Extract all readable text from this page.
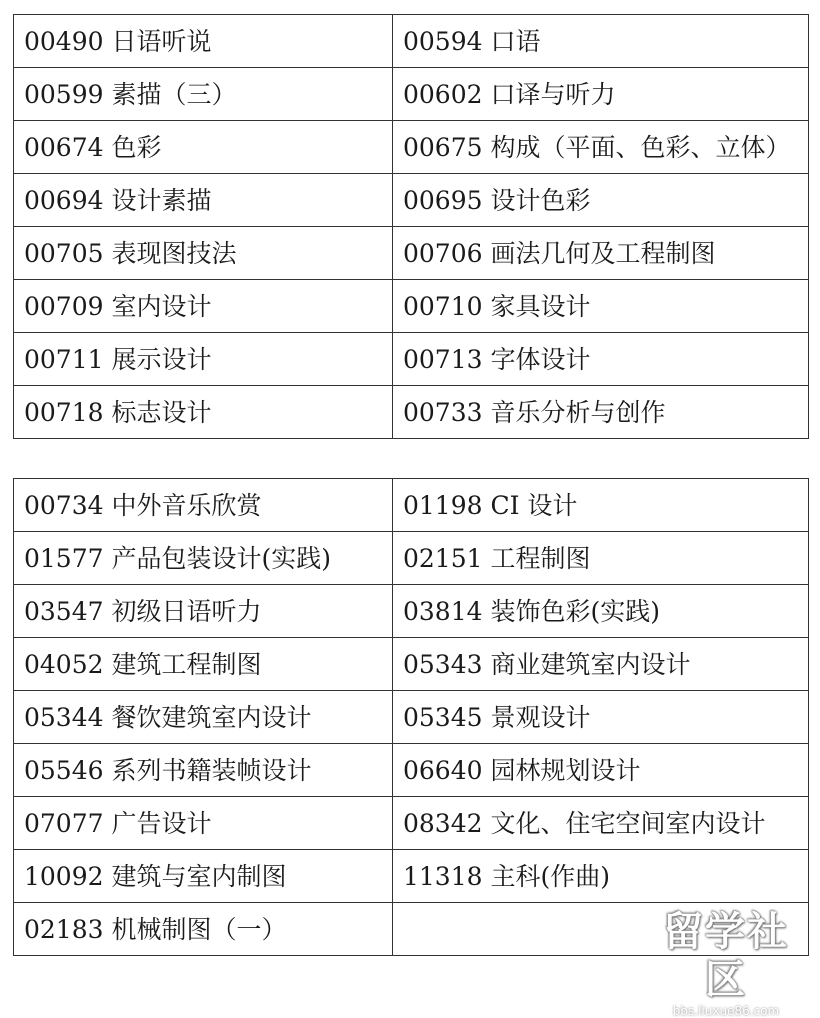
00490 日语听说	00594 口语
00599 素描（三）	00602 口译与听力
00674 色彩	00675 构成（平面、色彩、立体）
00694 设计素描	00695 设计色彩
00705 表现图技法	00706 画法几何及工程制图
00709 室内设计	00710 家具设计
00711 展示设计	00713 字体设计
00718 标志设计	00733 音乐分析与创作
00734 中外音乐欣赏	01198 CI 设计
01577 产品包装设计(实践)	02151 工程制图
03547 初级日语听力	03814 装饰色彩(实践)
04052 建筑工程制图	05343 商业建筑室内设计
05344 餐饮建筑室内设计	05345 景观设计
05546 系列书籍装帧设计	06640 园林规划设计
07077 广告设计	08342 文化、住宅空间室内设计
10092 建筑与室内制图	11318 主科(作曲)
02183 机械制图（一）		留学社区
bbs.liuxue86.com
